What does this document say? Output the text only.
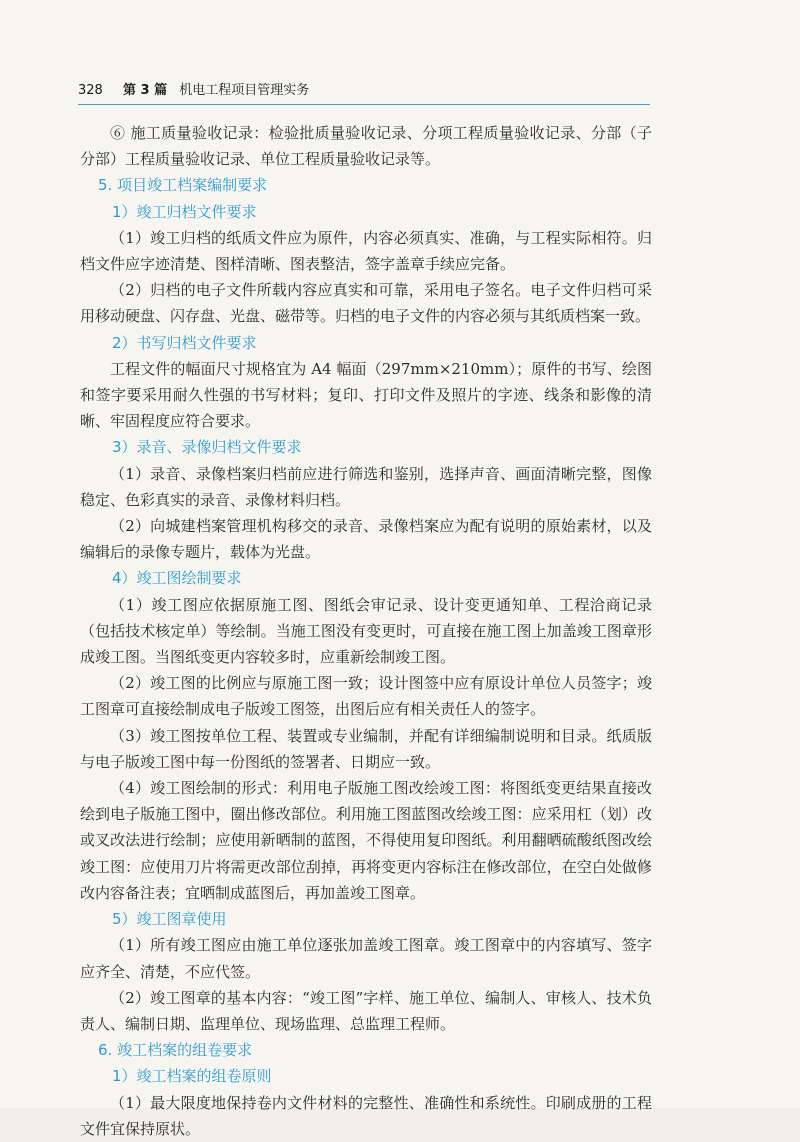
328 第 3 篇 机电工程项目管理实务

⑥ 施工质量验收记录：检验批质量验收记录、分项工程质量验收记录、分部（子分部）工程质量验收记录、单位工程质量验收记录等。

5. 项目竣工档案编制要求
1）竣工归档文件要求

（1）竣工归档的纸质文件应为原件，内容必须真实、准确，与工程实际相符。归档文件应字迹清楚、图样清晰、图表整洁，签字盖章手续应完备。

（2）归档的电子文件所载内容应真实和可靠，采用电子签名。电子文件归档可采用移动硬盘、闪存盘、光盘、磁带等。归档的电子文件的内容必须与其纸质档案一致。

2）书写归档文件要求

工程文件的幅面尺寸规格宜为 A4 幅面（297mm×210mm）；原件的书写、绘图和签字要采用耐久性强的书写材料；复印、打印文件及照片的字迹、线条和影像的清晰、牢固程度应符合要求。

3）录音、录像归档文件要求

（1）录音、录像档案归档前应进行筛选和鉴别，选择声音、画面清晰完整，图像稳定、色彩真实的录音、录像材料归档。

（2）向城建档案管理机构移交的录音、录像档案应为配有说明的原始素材，以及编辑后的录像专题片，载体为光盘。

4）竣工图绘制要求

（1）竣工图应依据原施工图、图纸会审记录、设计变更通知单、工程洽商记录（包括技术核定单）等绘制。当施工图没有变更时，可直接在施工图上加盖竣工图章形成竣工图。当图纸变更内容较多时，应重新绘制竣工图。

（2）竣工图的比例应与原施工图一致；设计图签中应有原设计单位人员签字；竣工图章可直接绘制成电子版竣工图签，出图后应有相关责任人的签字。

（3）竣工图按单位工程、装置或专业编制，并配有详细编制说明和目录。纸质版与电子版竣工图中每一份图纸的签署者、日期应一致。

（4）竣工图绘制的形式：利用电子版施工图改绘竣工图：将图纸变更结果直接改绘到电子版施工图中，圈出修改部位。利用施工图蓝图改绘竣工图：应采用杠（划）改或叉改法进行绘制；应使用新晒制的蓝图，不得使用复印图纸。利用翻晒硫酸纸图改绘竣工图：应使用刀片将需更改部位刮掉，再将变更内容标注在修改部位，在空白处做修改内容备注表；宜晒制成蓝图后，再加盖竣工图章。

5）竣工图章使用

（1）所有竣工图应由施工单位逐张加盖竣工图章。竣工图章中的内容填写、签字应齐全、清楚，不应代签。

（2）竣工图章的基本内容：“竣工图”字样、施工单位、编制人、审核人、技术负责人、编制日期、监理单位、现场监理、总监理工程师。

6. 竣工档案的组卷要求
1）竣工档案的组卷原则

（1）最大限度地保持卷内文件材料的完整性、准确性和系统性。印刷成册的工程文件宜保持原状。
